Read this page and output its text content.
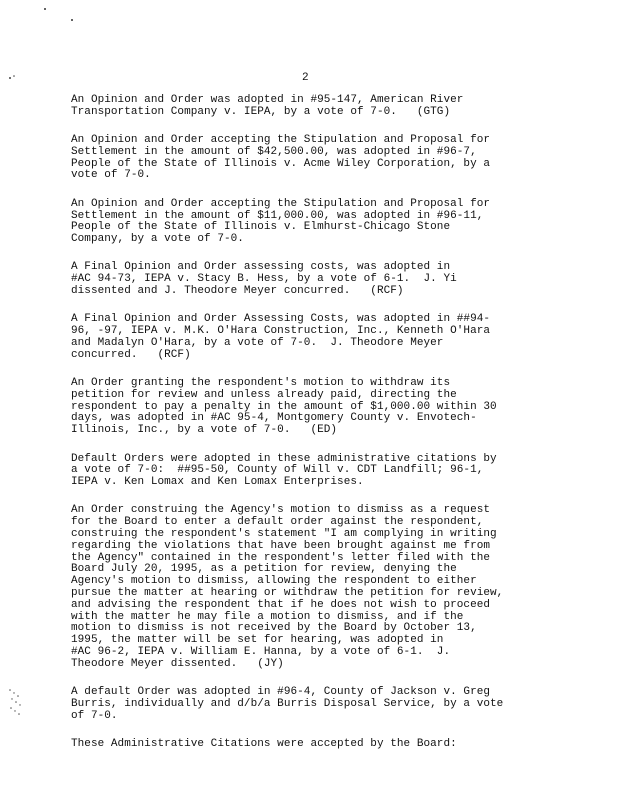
2

An Opinion and Order was adopted in #95-147, American River
Transportation Company v. IEPA, by a vote of 7-0.   (GTG)

An Opinion and Order accepting the Stipulation and Proposal for
Settlement in the amount of $42,500.00, was adopted in #96-7,
People of the State of Illinois v. Acme Wiley Corporation, by a
vote of 7-0.

An Opinion and Order accepting the Stipulation and Proposal for
Settlement in the amount of $11,000.00, was adopted in #96-11,
People of the State of Illinois v. Elmhurst-Chicago Stone
Company, by a vote of 7-0.

A Final Opinion and Order assessing costs, was adopted in
#AC 94-73, IEPA v. Stacy B. Hess, by a vote of 6-1.  J. Yi
dissented and J. Theodore Meyer concurred.   (RCF)

A Final Opinion and Order Assessing Costs, was adopted in ##94-
96, -97, IEPA v. M.K. O'Hara Construction, Inc., Kenneth O'Hara
and Madalyn O'Hara, by a vote of 7-0.  J. Theodore Meyer
concurred.   (RCF)

An Order granting the respondent's motion to withdraw its
petition for review and unless already paid, directing the
respondent to pay a penalty in the amount of $1,000.00 within 30
days, was adopted in #AC 95-4, Montgomery County v. Envotech-
Illinois, Inc., by a vote of 7-0.   (ED)

Default Orders were adopted in these administrative citations by
a vote of 7-0:  ##95-50, County of Will v. CDT Landfill; 96-1,
IEPA v. Ken Lomax and Ken Lomax Enterprises.

An Order construing the Agency's motion to dismiss as a request
for the Board to enter a default order against the respondent,
construing the respondent's statement "I am complying in writing
regarding the violations that have been brought against me from
the Agency" contained in the respondent's letter filed with the
Board July 20, 1995, as a petition for review, denying the
Agency's motion to dismiss, allowing the respondent to either
pursue the matter at hearing or withdraw the petition for review,
and advising the respondent that if he does not wish to proceed
with the matter he may file a motion to dismiss, and if the
motion to dismiss is not received by the Board by October 13,
1995, the matter will be set for hearing, was adopted in
#AC 96-2, IEPA v. William E. Hanna, by a vote of 6-1.  J.
Theodore Meyer dissented.   (JY)

A default Order was adopted in #96-4, County of Jackson v. Greg
Burris, individually and d/b/a Burris Disposal Service, by a vote
of 7-0.

These Administrative Citations were accepted by the Board:
